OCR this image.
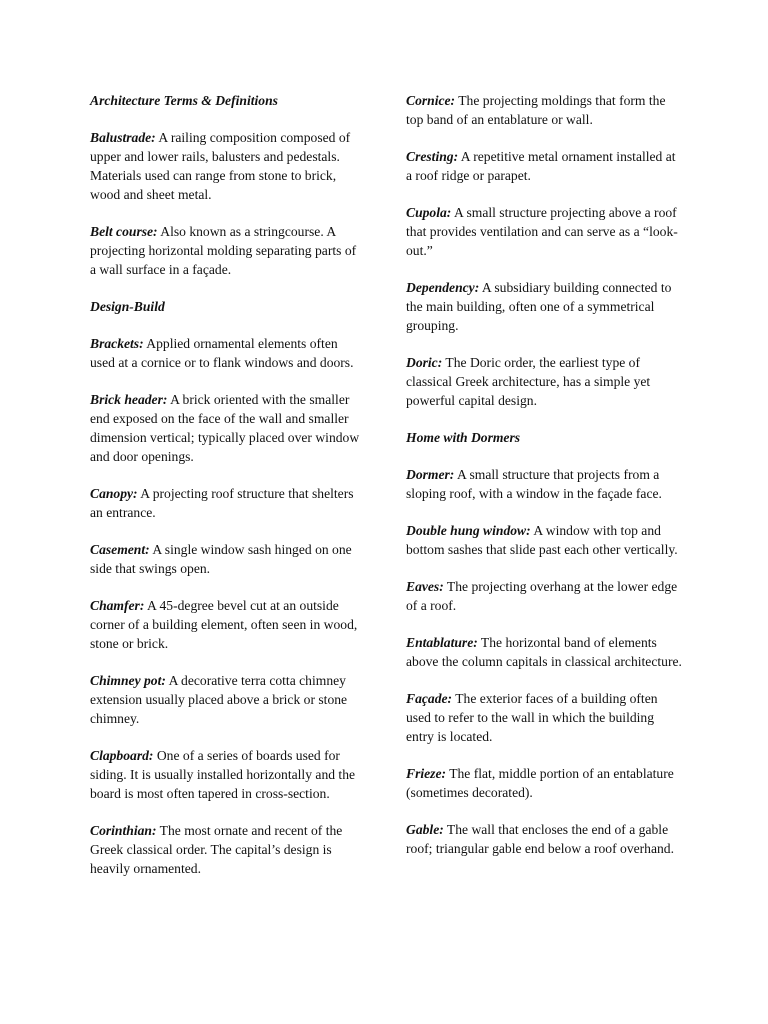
Architecture Terms & Definitions
Balustrade: A railing composition composed of upper and lower rails, balusters and pedestals. Materials used can range from stone to brick, wood and sheet metal.
Belt course: Also known as a stringcourse. A projecting horizontal molding separating parts of a wall surface in a façade.
Design-Build
Brackets: Applied ornamental elements often used at a cornice or to flank windows and doors.
Brick header: A brick oriented with the smaller end exposed on the face of the wall and smaller dimension vertical; typically placed over window and door openings.
Canopy: A projecting roof structure that shelters an entrance.
Casement: A single window sash hinged on one side that swings open.
Chamfer: A 45-degree bevel cut at an outside corner of a building element, often seen in wood, stone or brick.
Chimney pot: A decorative terra cotta chimney extension usually placed above a brick or stone chimney.
Clapboard: One of a series of boards used for siding. It is usually installed horizontally and the board is most often tapered in cross-section.
Corinthian: The most ornate and recent of the Greek classical order. The capital’s design is heavily ornamented.
Cornice: The projecting moldings that form the top band of an entablature or wall.
Cresting: A repetitive metal ornament installed at a roof ridge or parapet.
Cupola: A small structure projecting above a roof that provides ventilation and can serve as a “look-out.”
Dependency: A subsidiary building connected to the main building, often one of a symmetrical grouping.
Doric: The Doric order, the earliest type of classical Greek architecture, has a simple yet powerful capital design.
Home with Dormers
Dormer: A small structure that projects from a sloping roof, with a window in the façade face.
Double hung window: A window with top and bottom sashes that slide past each other vertically.
Eaves: The projecting overhang at the lower edge of a roof.
Entablature: The horizontal band of elements above the column capitals in classical architecture.
Façade: The exterior faces of a building often used to refer to the wall in which the building entry is located.
Frieze: The flat, middle portion of an entablature (sometimes decorated).
Gable: The wall that encloses the end of a gable roof; triangular gable end below a roof overhand.
